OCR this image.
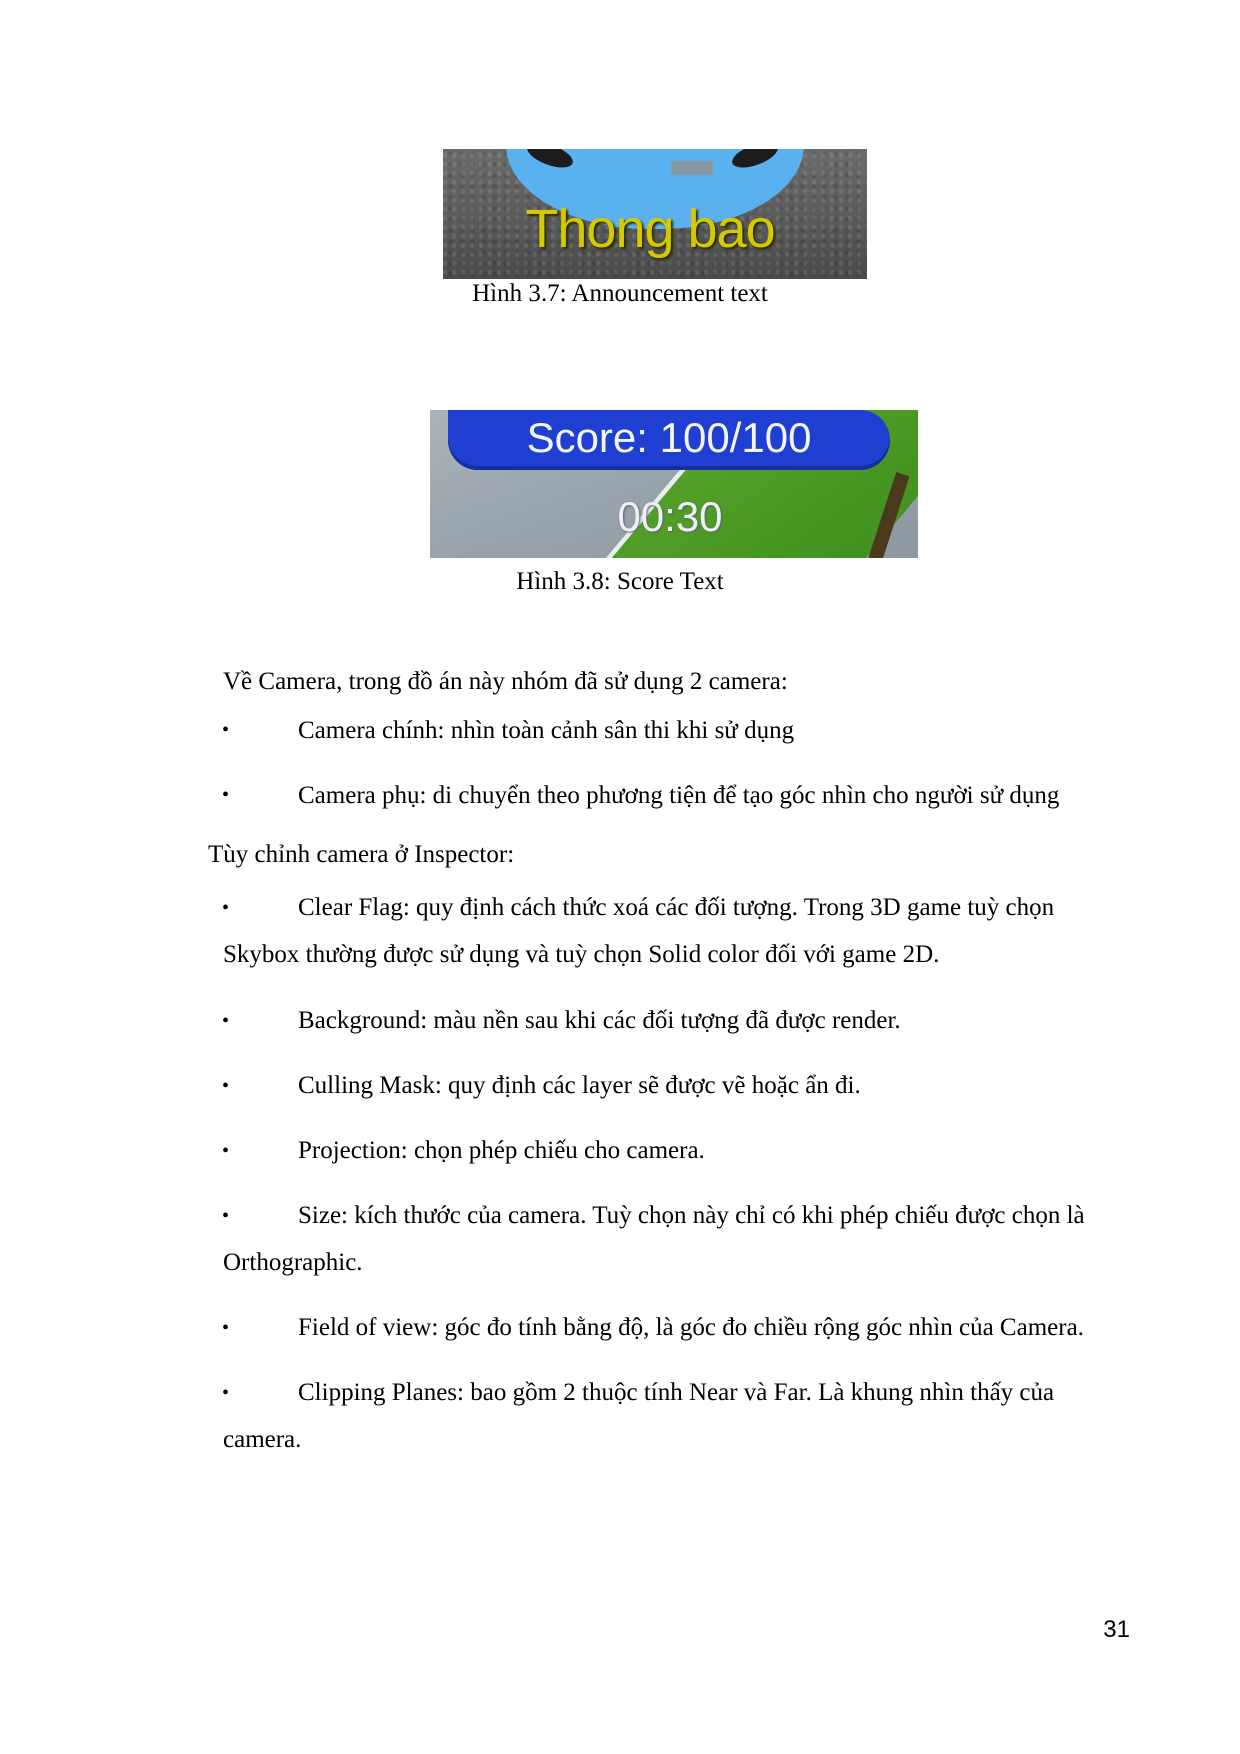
Thong bao
Hình 3.7: Announcement text
Score: 100/100
00:30
Hình 3.8: Score Text
Về Camera, trong đồ án này nhóm đã sử dụng 2 camera:
•	Camera chính: nhìn toàn cảnh sân thi khi sử dụng
•	Camera phụ: di chuyển theo phương tiện để tạo góc nhìn cho người sử dụng
Tùy chỉnh camera ở Inspector:
•	Clear Flag: quy định cách thức xoá các đối tượng. Trong 3D game tuỳ chọn Skybox thường được sử dụng và tuỳ chọn Solid color đối với game 2D.
•	Background: màu nền sau khi các đối tượng đã được render.
•	Culling Mask: quy định các layer sẽ được vẽ hoặc ẩn đi.
•	Projection: chọn phép chiếu cho camera.
•	Size: kích thước của camera. Tuỳ chọn này chỉ có khi phép chiếu được chọn là Orthographic.
•	Field of view: góc đo tính bằng độ, là góc đo chiều rộng góc nhìn của Camera.
•	Clipping Planes: bao gồm 2 thuộc tính Near và Far. Là khung nhìn thấy của camera.
31
